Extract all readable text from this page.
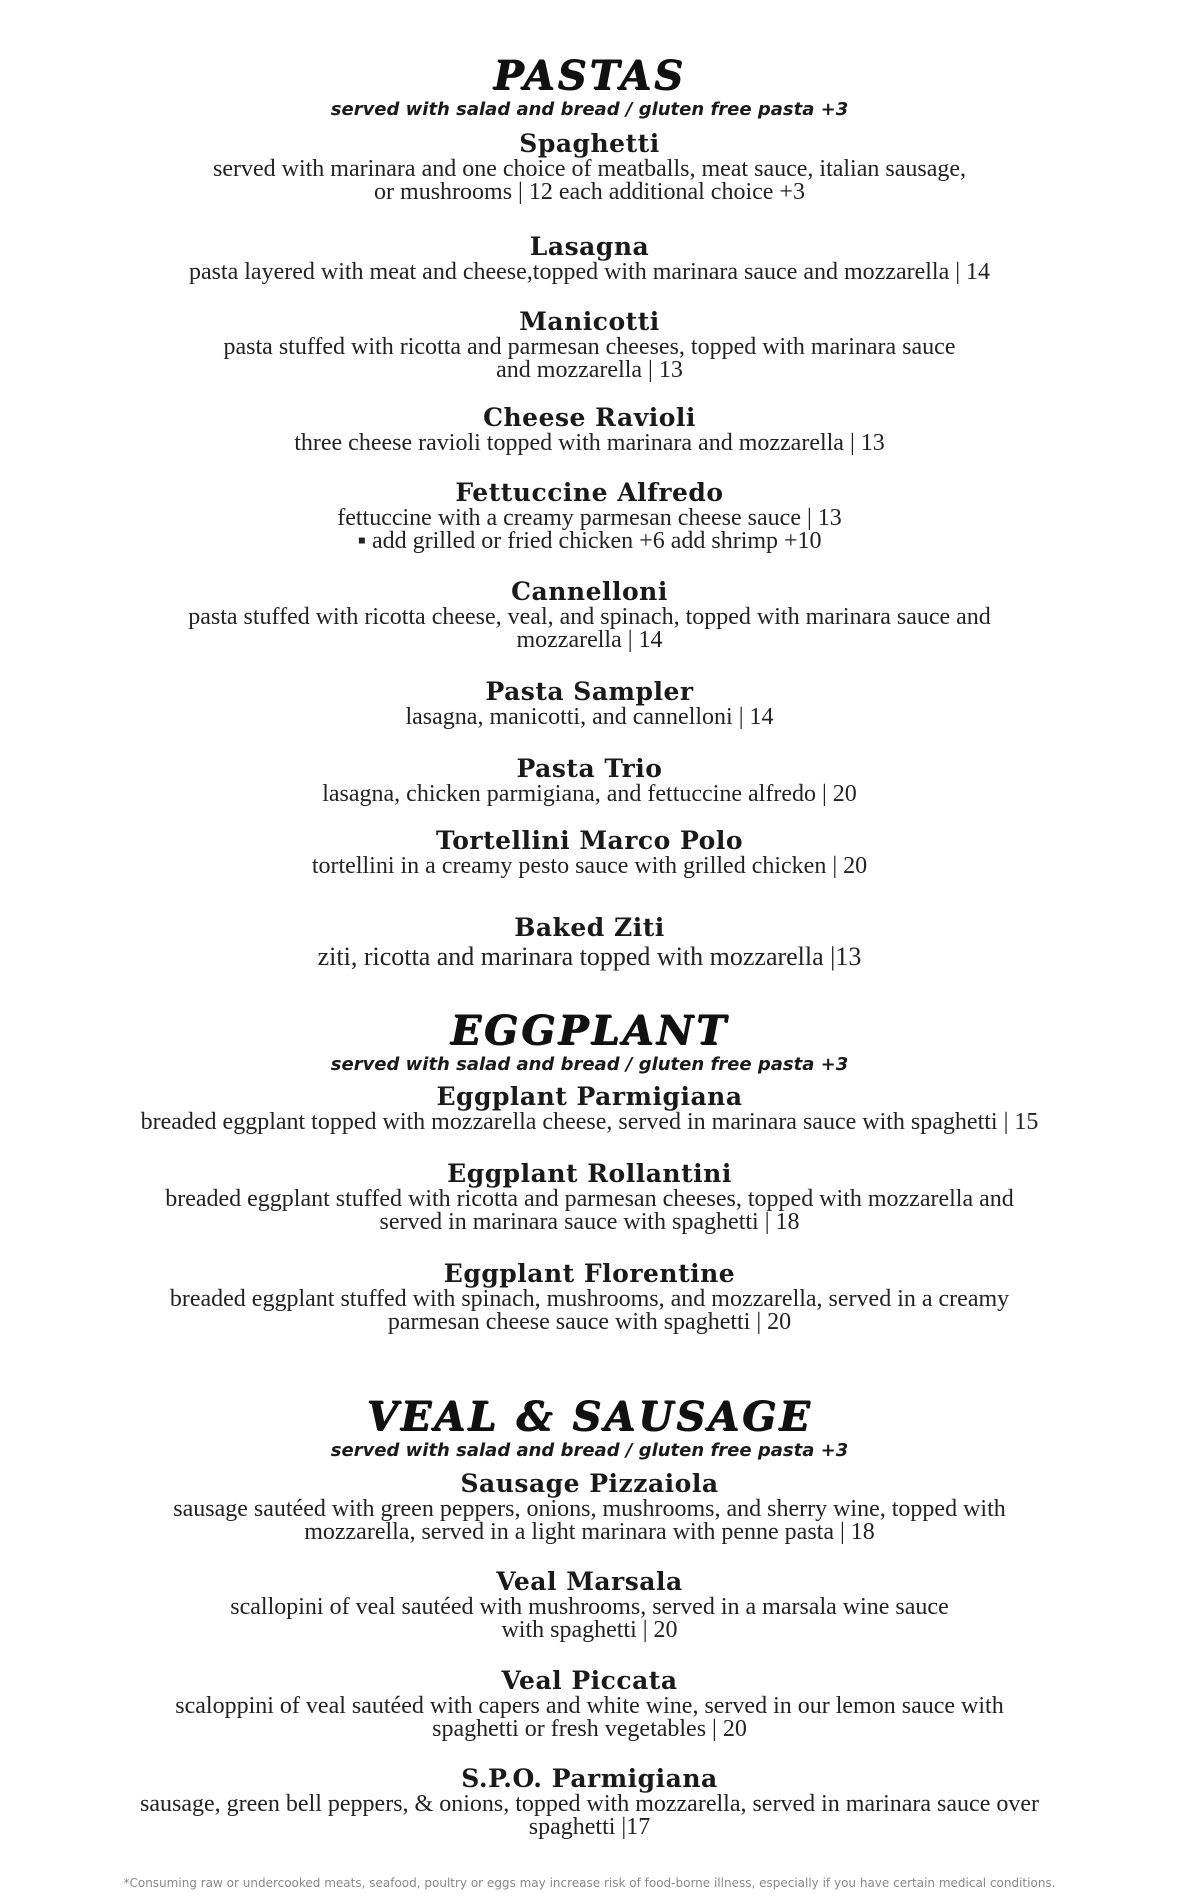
PASTAS
served with salad and bread / gluten free pasta +3
Spaghetti
served with marinara and one choice of meatballs, meat sauce, italian sausage,
or mushrooms | 12 each additional choice +3
Lasagna
pasta layered with meat and cheese,topped with marinara sauce and mozzarella | 14
Manicotti
pasta stuffed with ricotta and parmesan cheeses, topped with marinara sauce
and mozzarella | 13
Cheese Ravioli
three cheese ravioli topped with marinara and mozzarella | 13
Fettuccine Alfredo
fettuccine with a creamy parmesan cheese sauce | 13
▪ add grilled or fried chicken +6 add shrimp +10
Cannelloni
pasta stuffed with ricotta cheese, veal, and spinach, topped with marinara sauce and
mozzarella | 14
Pasta Sampler
lasagna, manicotti, and cannelloni | 14
Pasta Trio
lasagna, chicken parmigiana, and fettuccine alfredo | 20
Tortellini Marco Polo
tortellini in a creamy pesto sauce with grilled chicken | 20
Baked Ziti
ziti, ricotta and marinara topped with mozzarella |13
EGGPLANT
served with salad and bread / gluten free pasta +3
Eggplant Parmigiana
breaded eggplant topped with mozzarella cheese, served in marinara sauce with spaghetti | 15
Eggplant Rollantini
breaded eggplant stuffed with ricotta and parmesan cheeses, topped with mozzarella and
served in marinara sauce with spaghetti | 18
Eggplant Florentine
breaded eggplant stuffed with spinach, mushrooms, and mozzarella, served in a creamy
parmesan cheese sauce with spaghetti | 20
VEAL & SAUSAGE
served with salad and bread / gluten free pasta +3
Sausage Pizzaiola
sausage sautéed with green peppers, onions, mushrooms, and sherry wine, topped with
mozzarella, served in a light marinara with penne pasta | 18
Veal Marsala
scallopini of veal sautéed with mushrooms, served in a marsala wine sauce
with spaghetti | 20
Veal Piccata
scaloppini of veal sautéed with capers and white wine, served in our lemon sauce with
spaghetti or fresh vegetables | 20
S.P.O. Parmigiana
sausage, green bell peppers, & onions, topped with mozzarella, served in marinara sauce over
spaghetti |17
*Consuming raw or undercooked meats, seafood, poultry or eggs may increase risk of food-borne illness, especially if you have certain medical conditions.
